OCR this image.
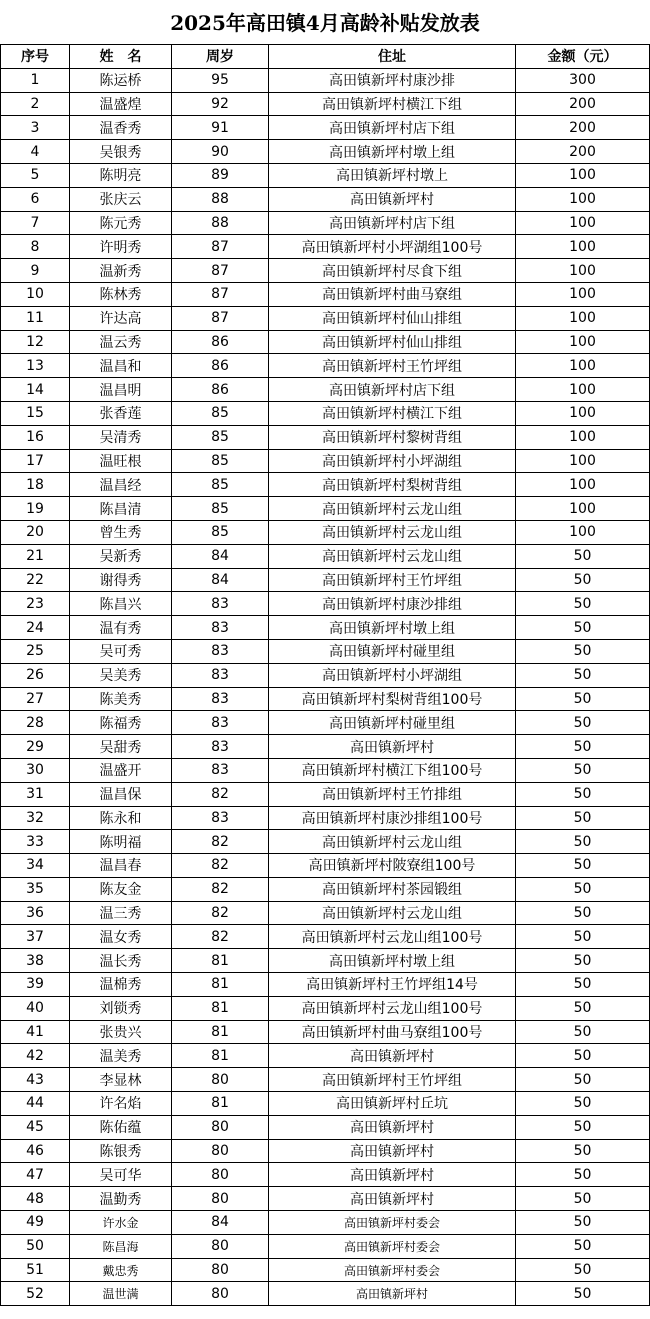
2025年高田镇4月高龄补贴发放表
序号	姓　名	周岁	住址	金额（元）
1	陈运桥	95	高田镇新坪村康沙排	300
2	温盛煌	92	高田镇新坪村横江下组	200
3	温香秀	91	高田镇新坪村店下组	200
4	吴银秀	90	高田镇新坪村墩上组	200
5	陈明亮	89	高田镇新坪村墩上	100
6	张庆云	88	高田镇新坪村	100
7	陈元秀	88	高田镇新坪村店下组	100
8	许明秀	87	高田镇新坪村小坪湖组100号	100
9	温新秀	87	高田镇新坪村尽食下组	100
10	陈林秀	87	高田镇新坪村曲马寮组	100
11	许达高	87	高田镇新坪村仙山排组	100
12	温云秀	86	高田镇新坪村仙山排组	100
13	温昌和	86	高田镇新坪村王竹坪组	100
14	温昌明	86	高田镇新坪村店下组	100
15	张香莲	85	高田镇新坪村横江下组	100
16	吴清秀	85	高田镇新坪村黎树背组	100
17	温旺根	85	高田镇新坪村小坪湖组	100
18	温昌经	85	高田镇新坪村梨树背组	100
19	陈昌清	85	高田镇新坪村云龙山组	100
20	曾生秀	85	高田镇新坪村云龙山组	100
21	吴新秀	84	高田镇新坪村云龙山组	50
22	谢得秀	84	高田镇新坪村王竹坪组	50
23	陈昌兴	83	高田镇新坪村康沙排组	50
24	温有秀	83	高田镇新坪村墩上组	50
25	吴可秀	83	高田镇新坪村碰里组	50
26	吴美秀	83	高田镇新坪村小坪湖组	50
27	陈美秀	83	高田镇新坪村梨树背组100号	50
28	陈福秀	83	高田镇新坪村碰里组	50
29	吴甜秀	83	高田镇新坪村	50
30	温盛开	83	高田镇新坪村横江下组100号	50
31	温昌保	82	高田镇新坪村王竹排组	50
32	陈永和	83	高田镇新坪村康沙排组100号	50
33	陈明福	82	高田镇新坪村云龙山组	50
34	温昌春	82	高田镇新坪村陂寮组100号	50
35	陈友金	82	高田镇新坪村茶园锻组	50
36	温三秀	82	高田镇新坪村云龙山组	50
37	温女秀	82	高田镇新坪村云龙山组100号	50
38	温长秀	81	高田镇新坪村墩上组	50
39	温棉秀	81	高田镇新坪村王竹坪组14号	50
40	刘锁秀	81	高田镇新坪村云龙山组100号	50
41	张贵兴	81	高田镇新坪村曲马寮组100号	50
42	温美秀	81	高田镇新坪村	50
43	李显林	80	高田镇新坪村王竹坪组	50
44	许名焰	81	高田镇新坪村丘坑	50
45	陈佑蕴	80	高田镇新坪村	50
46	陈银秀	80	高田镇新坪村	50
47	吴可华	80	高田镇新坪村	50
48	温勤秀	80	高田镇新坪村	50
49	许水金	84	高田镇新坪村委会	50
50	陈昌海	80	高田镇新坪村委会	50
51	戴忠秀	80	高田镇新坪村委会	50
52	温世满	80	高田镇新坪村	50
